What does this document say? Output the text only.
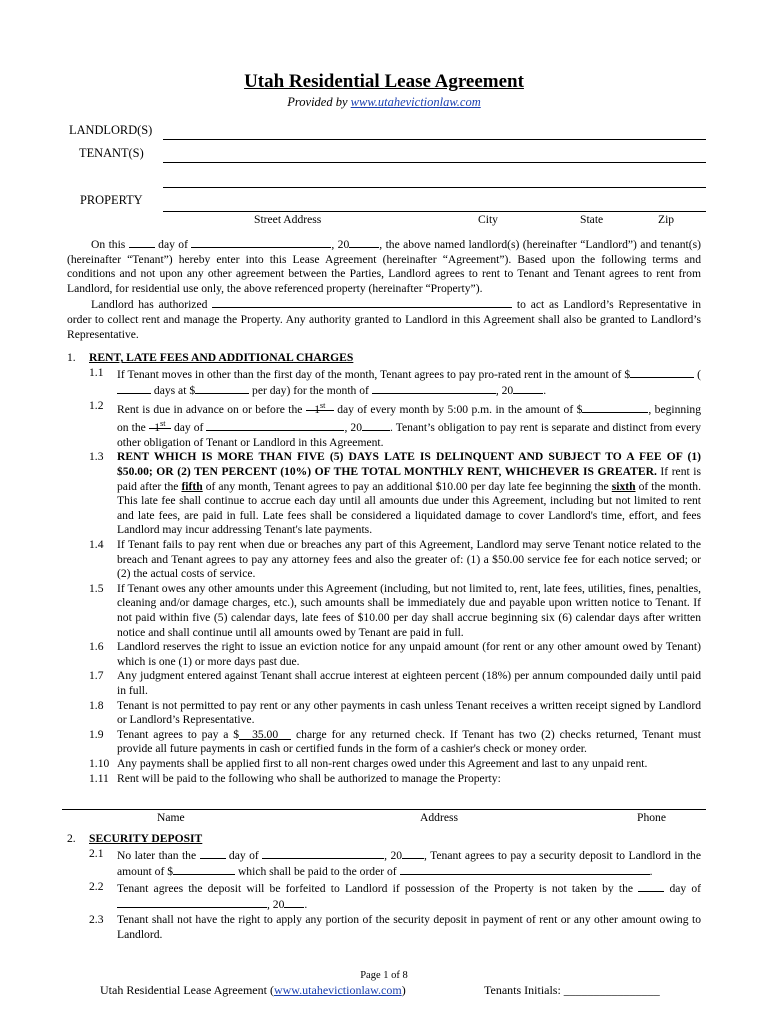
Utah Residential Lease Agreement
Provided by www.utahevictionlaw.com
LANDLORD(S)
TENANT(S)
PROPERTY
Street Address	City	State	Zip

On this	day of	, 20	, the above named landlord(s) (hereinafter “Landlord”) and tenant(s) (hereinafter “Tenant”) hereby enter into this Lease Agreement (hereinafter “Agreement”). Based upon the following terms and conditions and not upon any other agreement between the Parties, Landlord agrees to rent to Tenant and Tenant agrees to rent from Landlord, for residential use only, the above referenced property (hereinafter “Property”).

Landlord has authorized	to act as Landlord’s Representative in order to collect rent and manage the Property. Any authority granted to Landlord in this Agreement shall also be granted to Landlord’s Representative.

1.	RENT, LATE FEES AND ADDITIONAL CHARGES
1.1	If Tenant moves in other than the first day of the month, Tenant agrees to pay pro-rated rent in the amount of $	( days at $	per day) for the month of	, 20	.
1.2	Rent is due in advance on or before the 1st day of every month by 5:00 p.m. in the amount of $	, beginning on the 1st day of	, 20 . Tenant’s obligation to pay rent is separate and distinct from every other obligation of Tenant or Landlord in this Agreement.
1.3	RENT WHICH IS MORE THAN FIVE (5) DAYS LATE IS DELINQUENT AND SUBJECT TO A FEE OF (1) $50.00; OR (2) TEN PERCENT (10%) OF THE TOTAL MONTHLY RENT, WHICHEVER IS GREATER. If rent is paid after the fifth of any month, Tenant agrees to pay an additional $10.00 per day late fee beginning the sixth of the month. This late fee shall continue to accrue each day until all amounts due under this Agreement, including but not limited to rent and late fees, are paid in full. Late fees shall be considered a liquidated damage to cover Landlord's time, effort, and fees Landlord may incur addressing Tenant's late payments.
1.4	If Tenant fails to pay rent when due or breaches any part of this Agreement, Landlord may serve Tenant notice related to the breach and Tenant agrees to pay any attorney fees and also the greater of: (1) a $50.00 service fee for each notice served; or (2) the actual costs of service.
1.5	If Tenant owes any other amounts under this Agreement (including, but not limited to, rent, late fees, utilities, fines, penalties, cleaning and/or damage charges, etc.), such amounts shall be immediately due and payable upon written notice to Tenant. If not paid within five (5) calendar days, late fees of $10.00 per day shall accrue beginning six (6) calendar days after written notice and shall continue until all amounts owed by Tenant are paid in full.
1.6	Landlord reserves the right to issue an eviction notice for any unpaid amount (for rent or any other amount owed by Tenant) which is one (1) or more days past due.
1.7	Any judgment entered against Tenant shall accrue interest at eighteen percent (18%) per annum compounded daily until paid in full.
1.8	Tenant is not permitted to pay rent or any other payments in cash unless Tenant receives a written receipt signed by Landlord or Landlord’s Representative.
1.9	Tenant agrees to pay a $ 35.00 charge for any returned check. If Tenant has two (2) checks returned, Tenant must provide all future payments in cash or certified funds in the form of a cashier's check or money order.
1.10 Any payments shall be applied first to all non-rent charges owed under this Agreement and last to any unpaid rent.
1.11 Rent will be paid to the following who shall be authorized to manage the Property:
Name	Address	Phone
2.	SECURITY DEPOSIT
2.1	No later than the	day of	, 20 , Tenant agrees to pay a security deposit to Landlord in the amount of $	which shall be paid to the order of	.
2.2	Tenant agrees the deposit will be forfeited to Landlord if possession of the Property is not taken by the	day of , 20 .
2.3	Tenant shall not have the right to apply any portion of the security deposit in payment of rent or any other amount owing to Landlord.
Page 1 of 8
Utah Residential Lease Agreement (www.utahevictionlaw.com)	Tenants Initials: ________________
